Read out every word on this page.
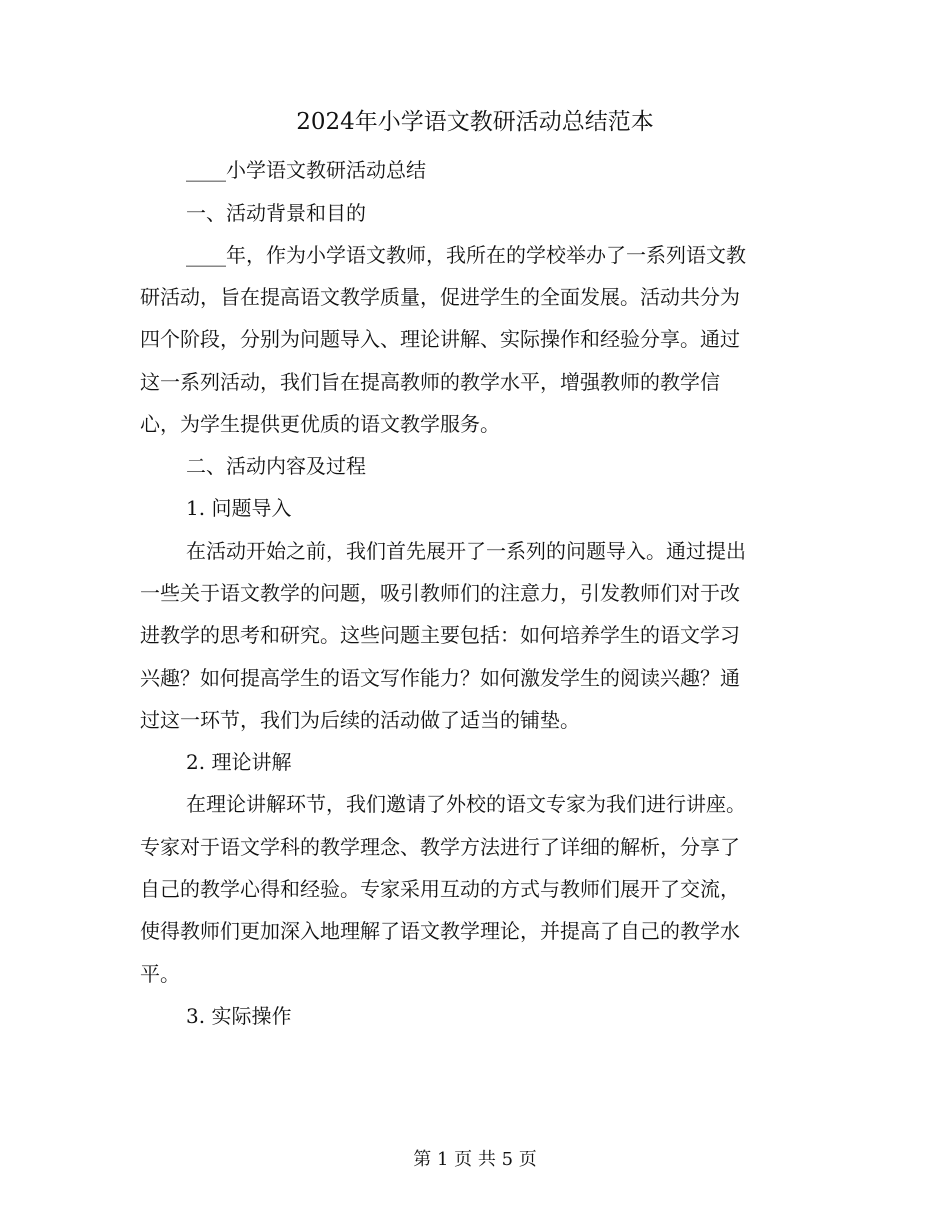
2024年小学语文教研活动总结范本

____小学语文教研活动总结

一、活动背景和目的

____年，作为小学语文教师，我所在的学校举办了一系列语文教

研活动，旨在提高语文教学质量，促进学生的全面发展。活动共分为

四个阶段，分别为问题导入、理论讲解、实际操作和经验分享。通过

这一系列活动，我们旨在提高教师的教学水平，增强教师的教学信

心，为学生提供更优质的语文教学服务。

二、活动内容及过程

1. 问题导入

在活动开始之前，我们首先展开了一系列的问题导入。通过提出

一些关于语文教学的问题，吸引教师们的注意力，引发教师们对于改

进教学的思考和研究。这些问题主要包括：如何培养学生的语文学习

兴趣？如何提高学生的语文写作能力？如何激发学生的阅读兴趣？通

过这一环节，我们为后续的活动做了适当的铺垫。

2. 理论讲解

在理论讲解环节，我们邀请了外校的语文专家为我们进行讲座。

专家对于语文学科的教学理念、教学方法进行了详细的解析，分享了

自己的教学心得和经验。专家采用互动的方式与教师们展开了交流，

使得教师们更加深入地理解了语文教学理论，并提高了自己的教学水

平。

3. 实际操作

第 1 页 共 5 页
